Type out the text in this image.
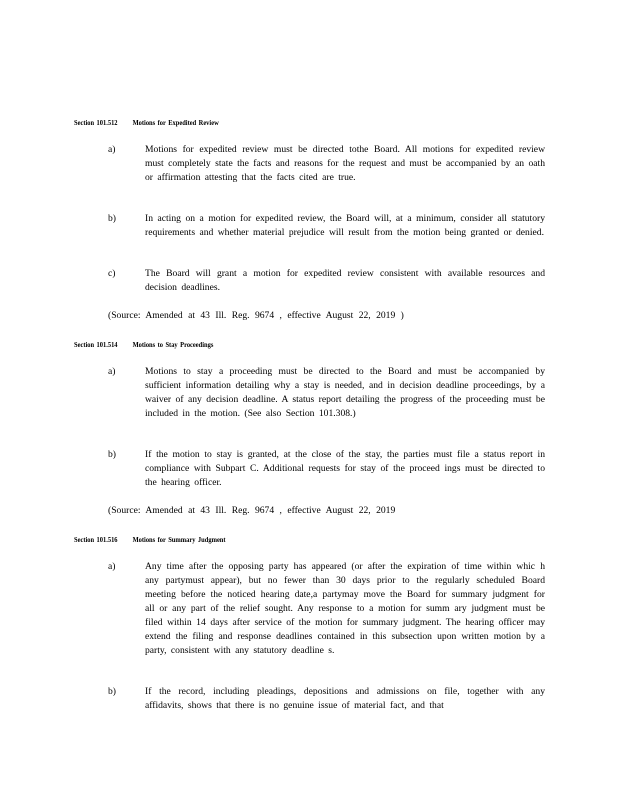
Section 101.512 Motions for Expedited Review
a)	Motions for expedited review must be directed tothe Board. All motions for expedited review must completely state the facts and reasons for the request and must be accompanied by an oath or affirmation attesting that the facts cited are true.
b)	In acting on a motion for expedited review, the Board will, at a minimum, consider all statutory requirements and whether material prejudice will result from the motion being granted or denied.
c)	The Board will grant a motion for expedited review consistent with available resources and decision deadlines.
(Source: Amended at 43 Ill. Reg. 9674 , effective August 22, 2019 )
Section 101.514 Motions to Stay Proceedings
a)	Motions to stay a proceeding must be directed to the Board and must be accompanied by sufficient information detailing why a stay is needed, and in decision deadline proceedings, by a waiver of any decision deadline. A status report detailing the progress of the proceeding must be included in the motion. (See also Section 101.308.)
b)	If the motion to stay is granted, at the close of the stay, the parties must file a status report in compliance with Subpart C. Additional requests for stay of the proceed ings must be directed to the hearing officer.
(Source: Amended at 43 Ill. Reg. 9674 , effective August 22, 2019
Section 101.516 Motions for Summary Judgment
a)	Any time after the opposing party has appeared (or after the expiration of time within whic h any partymust appear), but no fewer than 30 days prior to the regularly scheduled Board meeting before the noticed hearing date,a partymay move the Board for summary judgment for all or any part of the relief sought. Any response to a motion for summ ary judgment must be filed within 14 days after service of the motion for summary judgment. The hearing officer may extend the filing and response deadlines contained in this subsection upon written motion by a party, consistent with any statutory deadline s.
b)	If the record, including pleadings, depositions and admissions on file, together with any affidavits, shows that there is no genuine issue of material fact, and that
